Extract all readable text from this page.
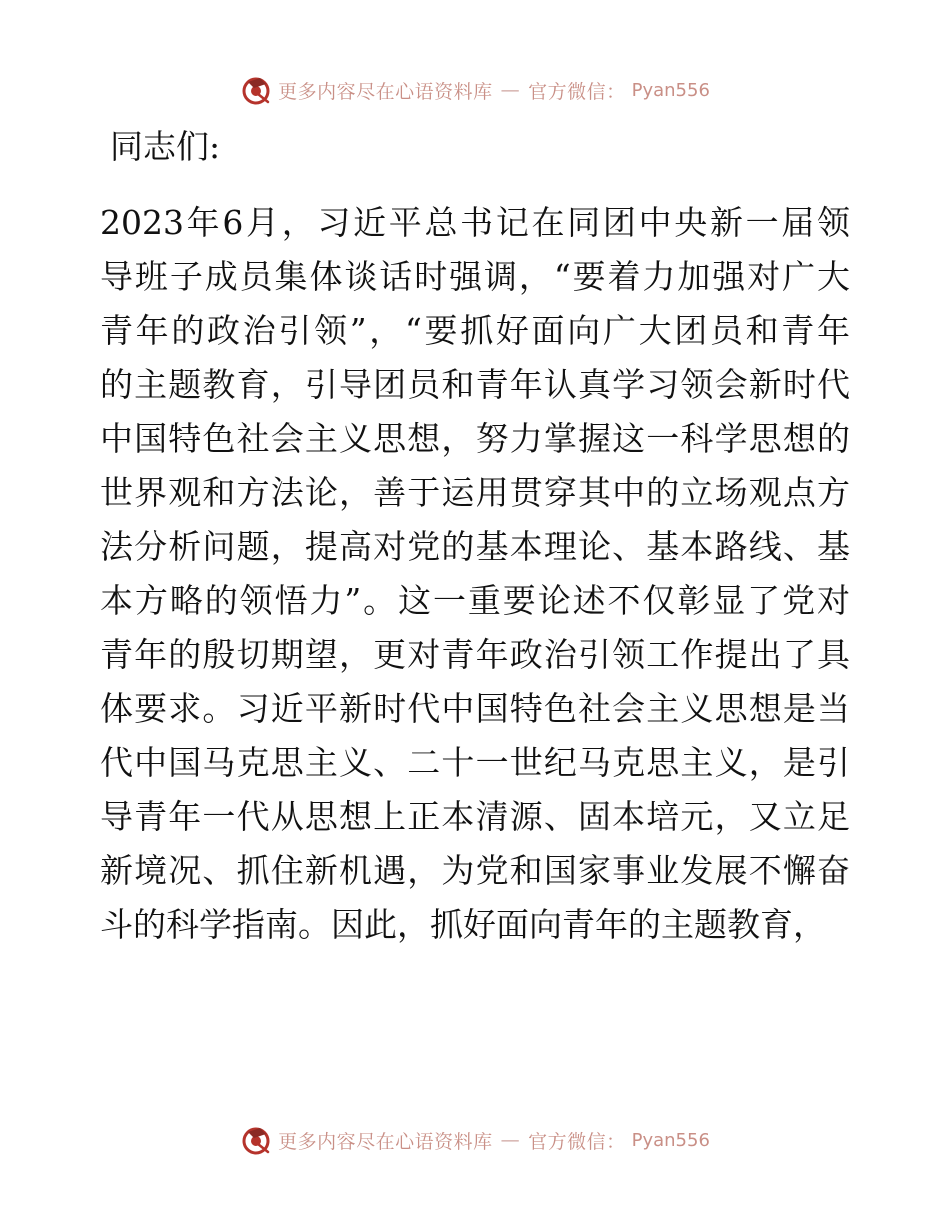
更多内容尽在心语资料库 — 官方微信： Pyan556

同志们:

2023年6月，习近平总书记在同团中央新一届领
导班子成员集体谈话时强调，“要着力加强对广大
青年的政治引领”，“要抓好面向广大团员和青年
的主题教育，引导团员和青年认真学习领会新时代
中国特色社会主义思想，努力掌握这一科学思想的
世界观和方法论，善于运用贯穿其中的立场观点方
法分析问题，提高对党的基本理论、基本路线、基
本方略的领悟力”。这一重要论述不仅彰显了党对
青年的殷切期望，更对青年政治引领工作提出了具
体要求。习近平新时代中国特色社会主义思想是当
代中国马克思主义、二十一世纪马克思主义，是引
导青年一代从思想上正本清源、固本培元，又立足
新境况、抓住新机遇，为党和国家事业发展不懈奋
斗的科学指南。因此，抓好面向青年的主题教育，
更多内容尽在心语资料库 — 官方微信： Pyan556
